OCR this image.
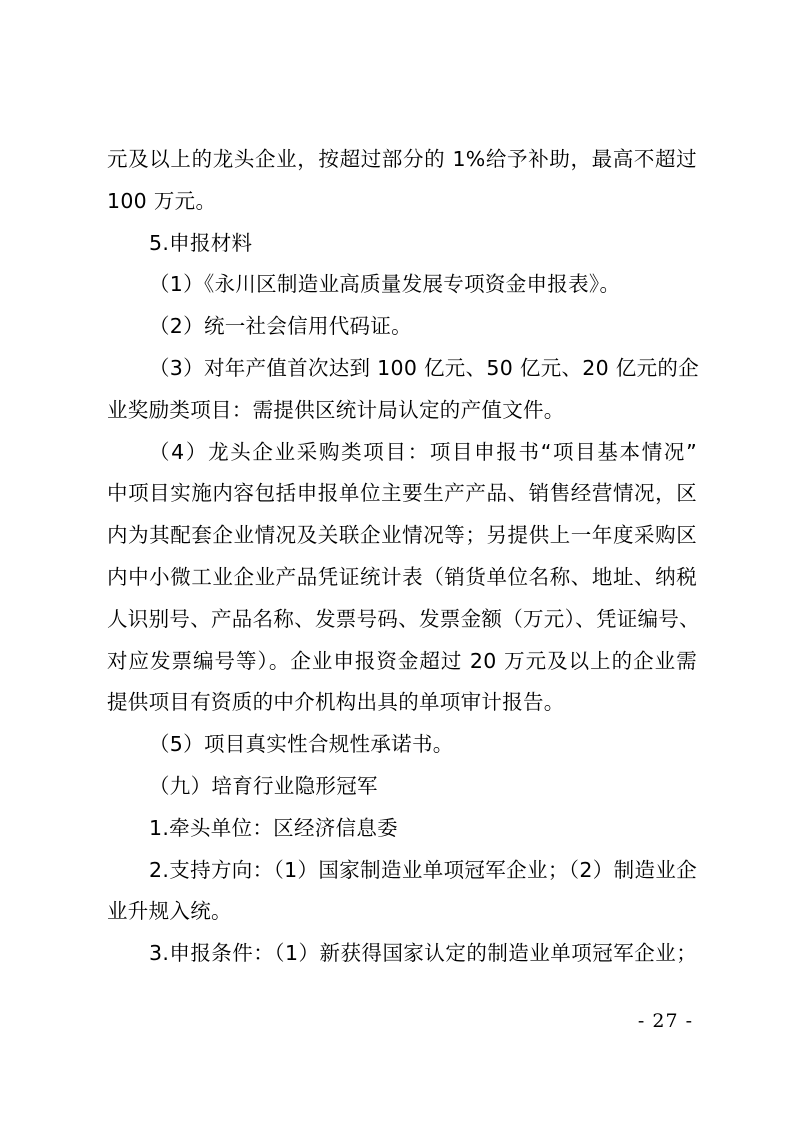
元及以上的龙头企业，按超过部分的 1%给予补助，最高不超过
100 万元。
5.申报材料
（1）《永川区制造业高质量发展专项资金申报表》。
（2）统一社会信用代码证。
（3）对年产值首次达到 100 亿元、50 亿元、20 亿元的企
业奖励类项目：需提供区统计局认定的产值文件。
（4）龙头企业采购类项目：项目申报书“项目基本情况”
中项目实施内容包括申报单位主要生产产品、销售经营情况，区
内为其配套企业情况及关联企业情况等；另提供上一年度采购区
内中小微工业企业产品凭证统计表（销货单位名称、地址、纳税
人识别号、产品名称、发票号码、发票金额（万元）、凭证编号、
对应发票编号等）。企业申报资金超过 20 万元及以上的企业需
提供项目有资质的中介机构出具的单项审计报告。
（5）项目真实性合规性承诺书。
（九）培育行业隐形冠军
1.牵头单位：区经济信息委
2.支持方向：（1）国家制造业单项冠军企业；（2）制造业企
业升规入统。
3.申报条件：（1）新获得国家认定的制造业单项冠军企业；
- 27 -
